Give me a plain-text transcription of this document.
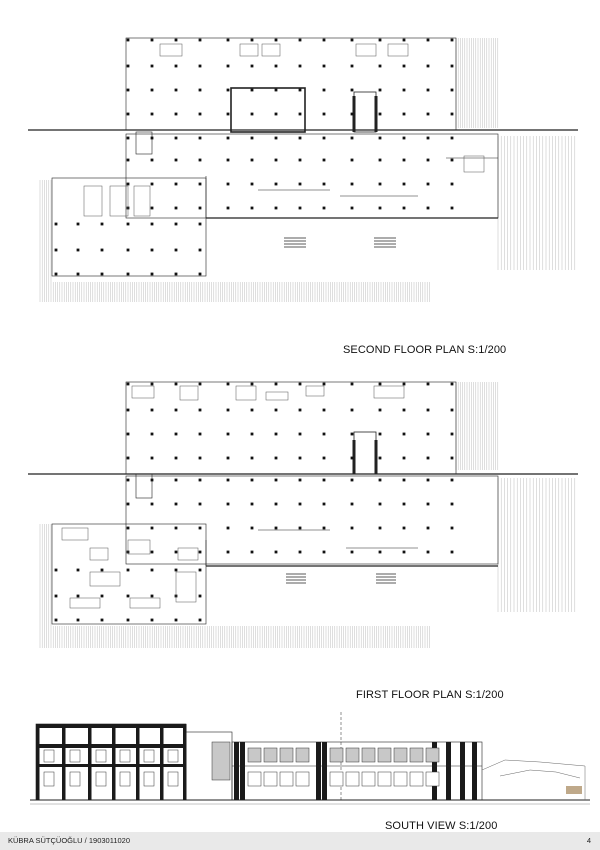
SECOND FLOOR PLAN S:1/200
FIRST FLOOR PLAN S:1/200
SOUTH VIEW S:1/200
KÜBRA SÜTÇÜOĞLU / 1903011020	4
